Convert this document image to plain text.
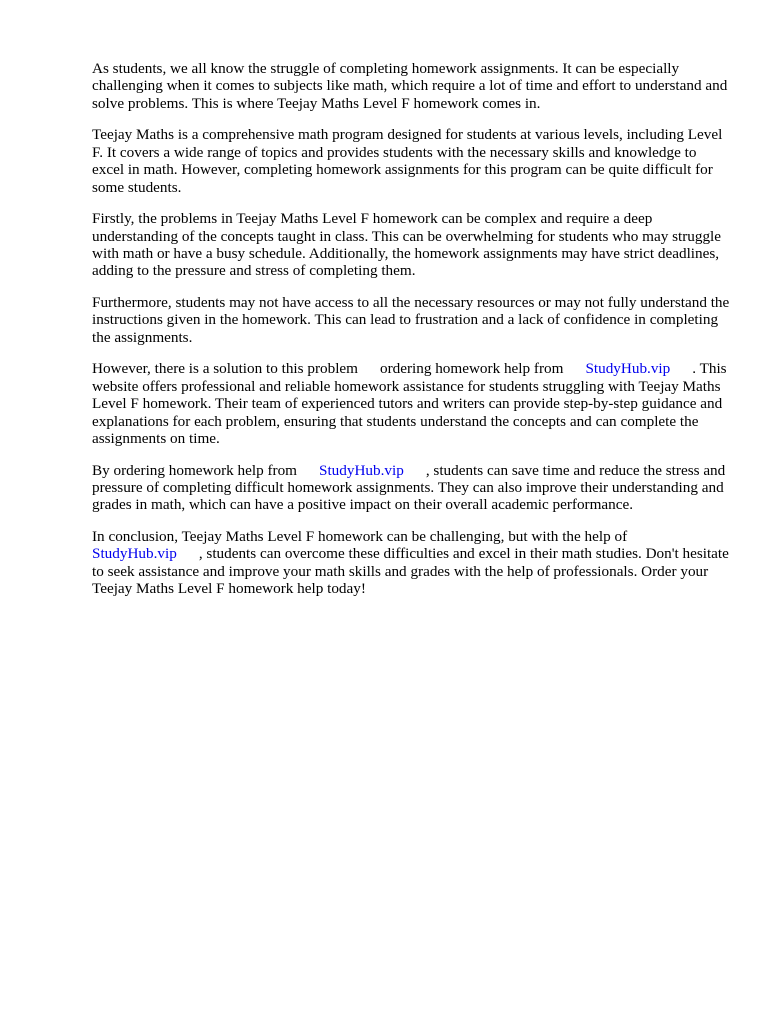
As students, we all know the struggle of completing homework assignments. It can be especially challenging when it comes to subjects like math, which require a lot of time and effort to understand and solve problems. This is where Teejay Maths Level F homework comes in.

Teejay Maths is a comprehensive math program designed for students at various levels, including Level F. It covers a wide range of topics and provides students with the necessary skills and knowledge to excel in math. However, completing homework assignments for this program can be quite difficult for some students.

Firstly, the problems in Teejay Maths Level F homework can be complex and require a deep understanding of the concepts taught in class. This can be overwhelming for students who may struggle with math or have a busy schedule. Additionally, the homework assignments may have strict deadlines, adding to the pressure and stress of completing them.

Furthermore, students may not have access to all the necessary resources or may not fully understand the instructions given in the homework. This can lead to frustration and a lack of confidence in completing the assignments.

However, there is a solution to this problem ordering homework help from StudyHub.vip . This website offers professional and reliable homework assistance for students struggling with Teejay Maths Level F homework. Their team of experienced tutors and writers can provide step-by-step guidance and explanations for each problem, ensuring that students understand the concepts and can complete the assignments on time.

By ordering homework help from StudyHub.vip , students can save time and reduce the stress and pressure of completing difficult homework assignments. They can also improve their understanding and grades in math, which can have a positive impact on their overall academic performance.

In conclusion, Teejay Maths Level F homework can be challenging, but with the help of StudyHub.vip , students can overcome these difficulties and excel in their math studies. Don't hesitate to seek assistance and improve your math skills and grades with the help of professionals. Order your Teejay Maths Level F homework help today!
